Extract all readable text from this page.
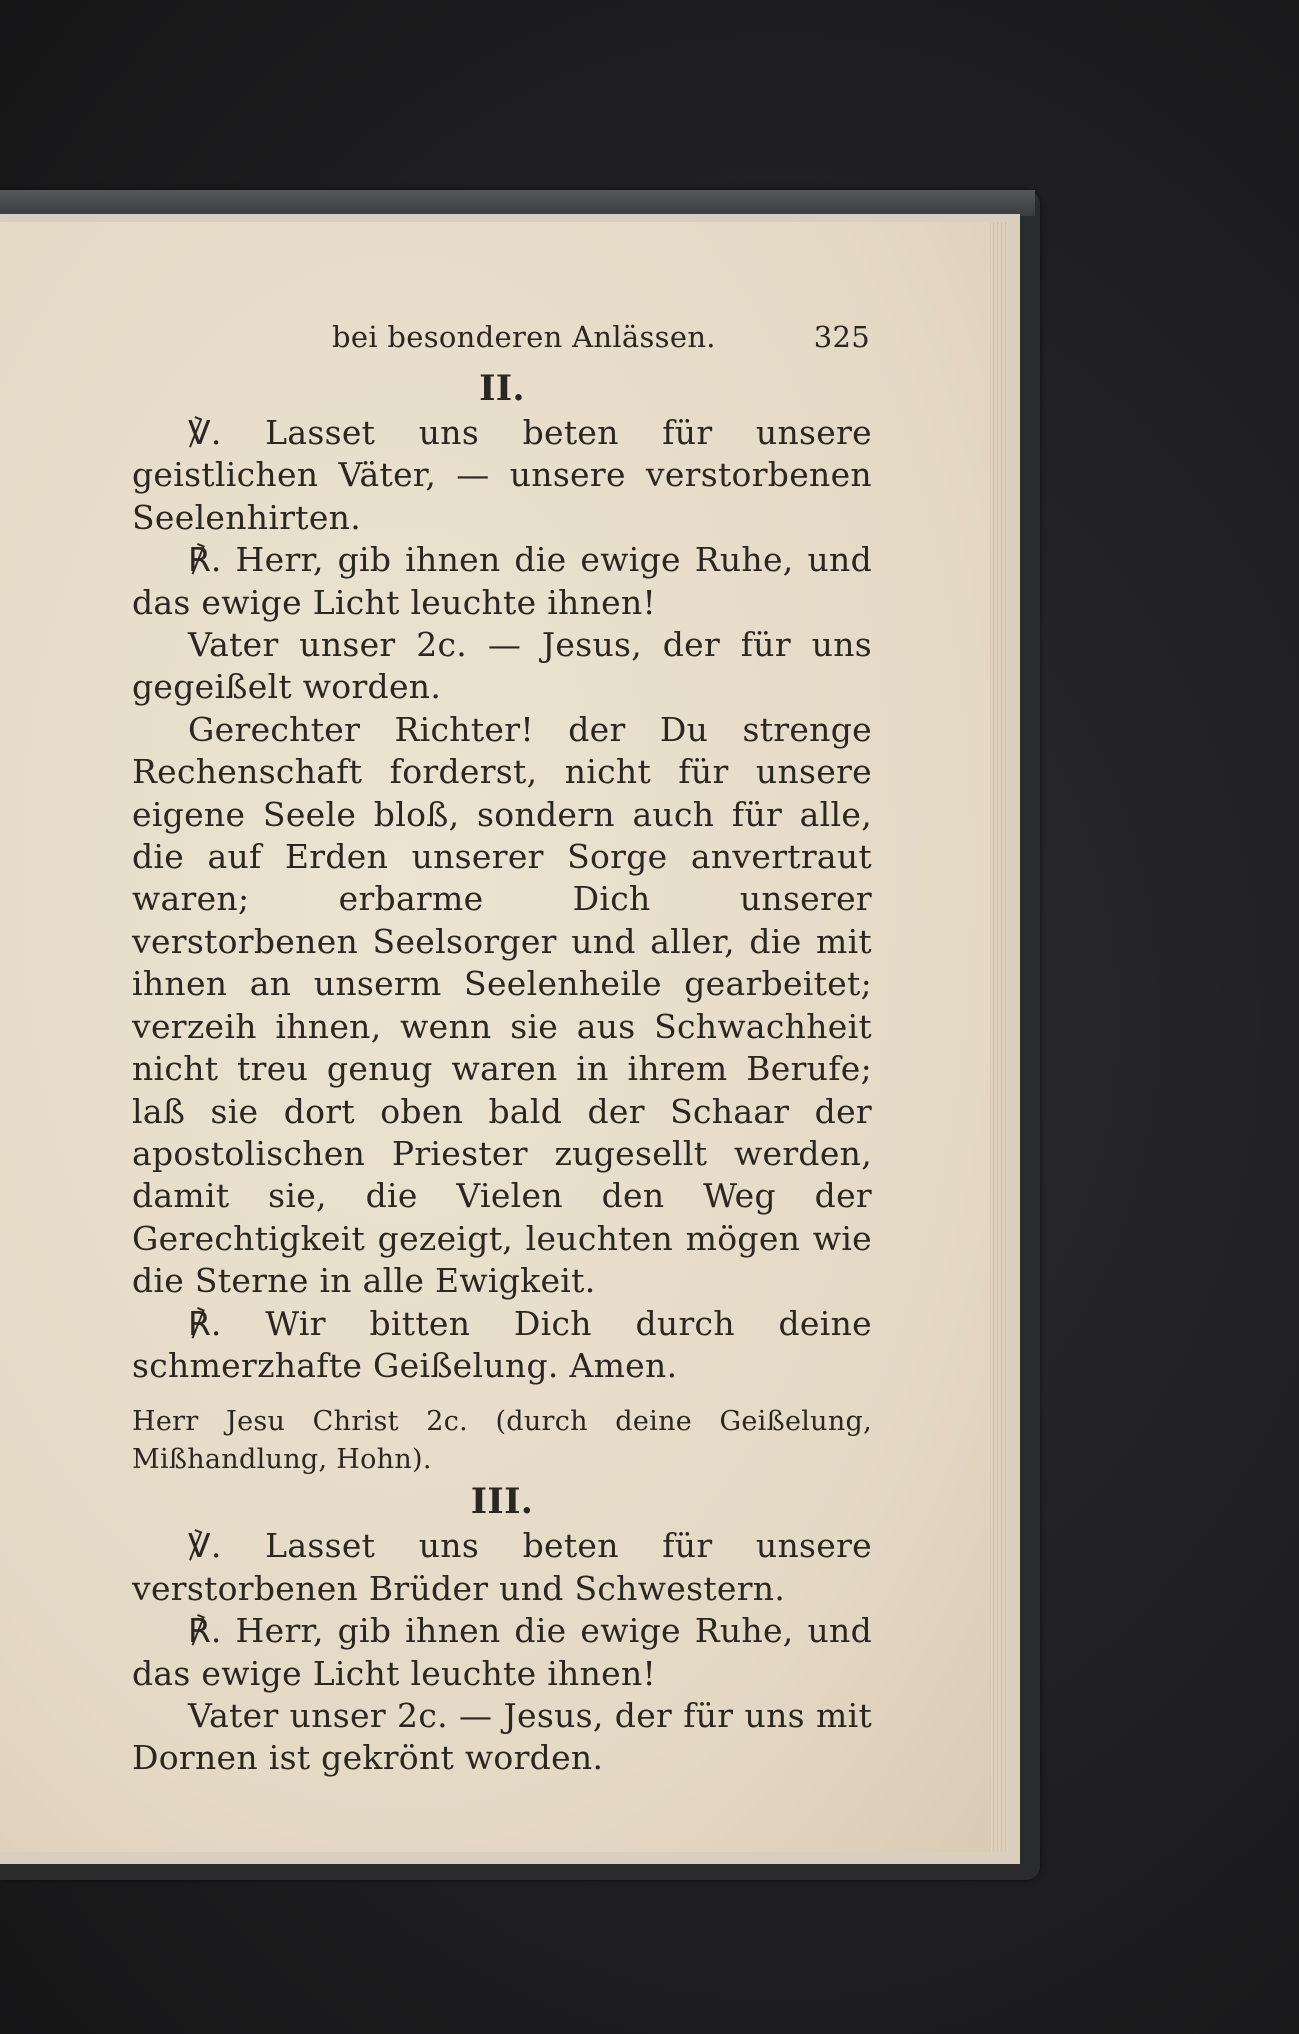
bei besonderen Anlässen.	325
II.

℣. Lasset uns beten für unsere geistlichen Väter, — unsere verstorbenen Seelenhirten.

℟. Herr, gib ihnen die ewige Ruhe, und das ewige Licht leuchte ihnen!

Vater unser 2c. — Jesus, der für uns gegeißelt worden.

Gerechter Richter! der Du strenge Rechenschaft forderst, nicht für unsere eigene Seele bloß, sondern auch für alle, die auf Erden unserer Sorge anvertraut waren; erbarme Dich unserer verstorbenen Seelsorger und aller, die mit ihnen an unserm Seelenheile gearbeitet; verzeih ihnen, wenn sie aus Schwachheit nicht treu genug waren in ihrem Berufe; laß sie dort oben bald der Schaar der apostolischen Priester zugesellt werden, damit sie, die Vielen den Weg der Gerechtigkeit gezeigt, leuchten mögen wie die Sterne in alle Ewigkeit.

℟. Wir bitten Dich durch deine schmerzhafte Geißelung. Amen.

Herr Jesu Christ 2c. (durch deine Geißelung, Mißhandlung, Hohn).

III.

℣. Lasset uns beten für unsere verstorbenen Brüder und Schwestern.

℟. Herr, gib ihnen die ewige Ruhe, und das ewige Licht leuchte ihnen!

Vater unser 2c. — Jesus, der für uns mit Dornen ist gekrönt worden.
